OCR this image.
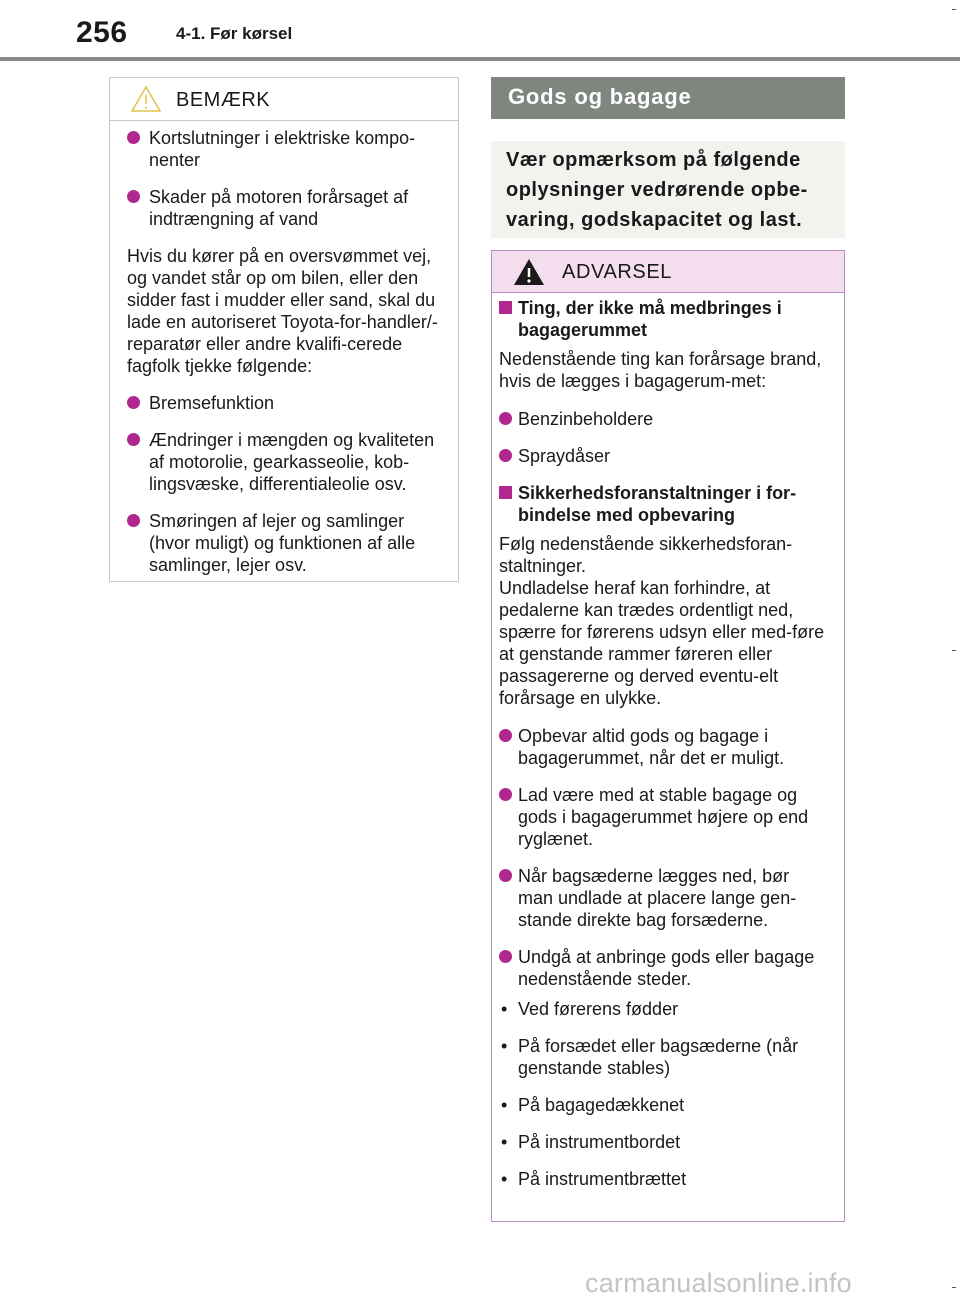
256	4-1. Før kørsel
BEMÆRK
Kortslutninger i elektriske kompo-nenter
Skader på motoren forårsaget af indtrængning af vand
Hvis du kører på en oversvømmet vej, og vandet står op om bilen, eller den sidder fast i mudder eller sand, skal du lade en autoriseret Toyota-for-handler/-reparatør eller andre kvalifi-cerede fagfolk tjekke følgende:
Bremsefunktion
Ændringer i mængden og kvaliteten af motorolie, gearkasseolie, kob-lingsvæske, differentialeolie osv.
Smøringen af lejer og samlinger (hvor muligt) og funktionen af alle samlinger, lejer osv.
Gods og bagage
Vær opmærksom på følgende oplysninger vedrørende opbe-varing, godskapacitet og last.
ADVARSEL
Ting, der ikke må medbringes i bagagerummet
Nedenstående ting kan forårsage brand, hvis de lægges i bagagerum-met:
Benzinbeholdere
Spraydåser
Sikkerhedsforanstaltninger i for-bindelse med opbevaring
Følg nedenstående sikkerhedsforan-staltninger.
Undladelse heraf kan forhindre, at pedalerne kan trædes ordentligt ned, spærre for førerens udsyn eller med-føre at genstande rammer føreren eller passagererne og derved eventu-elt forårsage en ulykke.
Opbevar altid gods og bagage i bagagerummet, når det er muligt.
Lad være med at stable bagage og gods i bagagerummet højere op end ryglænet.
Når bagsæderne lægges ned, bør man undlade at placere lange gen-stande direkte bag forsæderne.
Undgå at anbringe gods eller bagage nedenstående steder.
• Ved førerens fødder
• På forsædet eller bagsæderne (når genstande stables)
• På bagagedækkenet
• På instrumentbordet
• På instrumentbrættet
carmanualsonline.info
